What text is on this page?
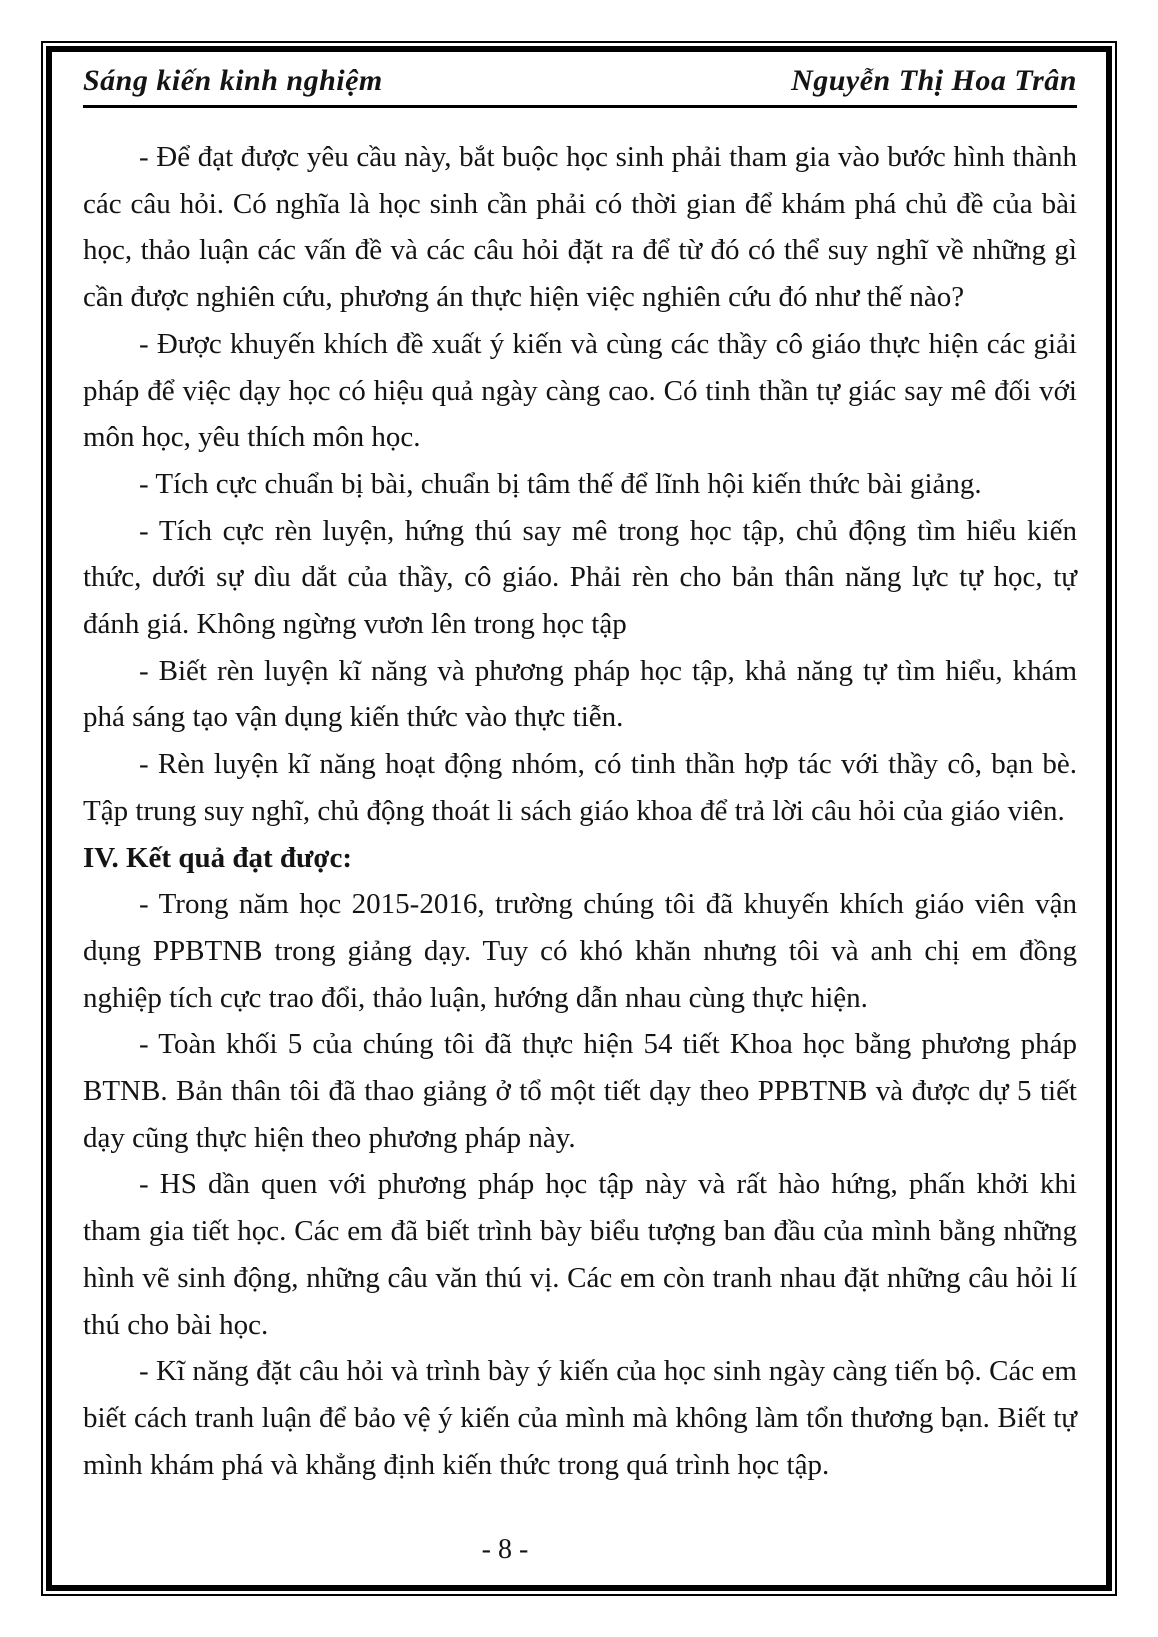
Sáng kiến kinh nghiệm	Nguyễn Thị Hoa Trân

- Để đạt được yêu cầu này, bắt buộc học sinh phải tham gia vào bước hình thành các câu hỏi. Có nghĩa là học sinh cần phải có thời gian để khám phá chủ đề của bài học, thảo luận các vấn đề và các câu hỏi đặt ra để từ đó có thể suy nghĩ về những gì cần được nghiên cứu, phương án thực hiện việc nghiên cứu đó như thế nào?

- Được khuyến khích đề xuất ý kiến và cùng các thầy cô giáo thực hiện các giải pháp để việc dạy học có hiệu quả ngày càng cao. Có tinh thần tự giác say mê đối với môn học, yêu thích môn học.

- Tích cực chuẩn bị bài, chuẩn bị tâm thế để lĩnh hội kiến thức bài giảng.

- Tích cực rèn luyện, hứng thú say mê trong học tập, chủ động tìm hiểu kiến thức, dưới sự dìu dắt của thầy, cô giáo. Phải rèn cho bản thân năng lực tự học, tự đánh giá. Không ngừng vươn lên trong học tập

- Biết rèn luyện kĩ năng và phương pháp học tập, khả năng tự tìm hiểu, khám phá sáng tạo vận dụng kiến thức vào thực tiễn.

- Rèn luyện kĩ năng hoạt động nhóm, có tinh thần hợp tác với thầy cô, bạn bè. Tập trung suy nghĩ, chủ động thoát li sách giáo khoa để trả lời câu hỏi của giáo viên.

IV. Kết quả đạt được:

- Trong năm học 2015-2016, trường chúng tôi đã khuyến khích giáo viên vận dụng PPBTNB trong giảng dạy. Tuy có khó khăn nhưng tôi và anh chị em đồng nghiệp tích cực trao đổi, thảo luận, hướng dẫn nhau cùng thực hiện.

- Toàn khối 5 của chúng tôi đã thực hiện 54 tiết Khoa học bằng phương pháp BTNB. Bản thân tôi đã thao giảng ở tổ một tiết dạy theo PPBTNB và được dự 5 tiết dạy cũng thực hiện theo phương pháp này.

- HS dần quen với phương pháp học tập này và rất hào hứng, phấn khởi khi tham gia tiết học. Các em đã biết trình bày biểu tượng ban đầu của mình bằng những hình vẽ sinh động, những câu văn thú vị. Các em còn tranh nhau đặt những câu hỏi lí thú cho bài học.

- Kĩ năng đặt câu hỏi và trình bày ý kiến của học sinh ngày càng tiến bộ. Các em biết cách tranh luận để bảo vệ ý kiến của mình mà không làm tổn thương bạn. Biết tự mình khám phá và khẳng định kiến thức trong quá trình học tập.

- 8 -
